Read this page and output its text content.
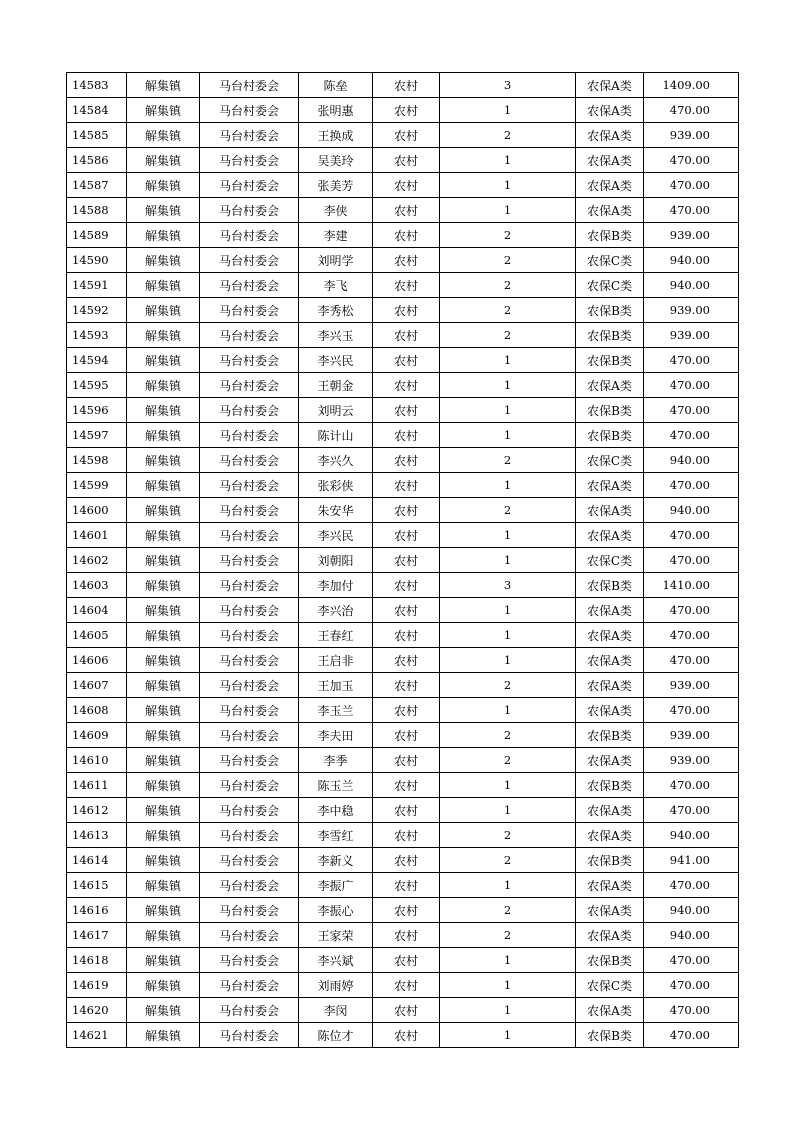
14583	解集镇	马台村委会	陈垒	农村	3	农保A类	1409.00
14584	解集镇	马台村委会	张明惠	农村	1	农保A类	470.00
14585	解集镇	马台村委会	王换成	农村	2	农保A类	939.00
14586	解集镇	马台村委会	吴美玲	农村	1	农保A类	470.00
14587	解集镇	马台村委会	张美芳	农村	1	农保A类	470.00
14588	解集镇	马台村委会	李侠	农村	1	农保A类	470.00
14589	解集镇	马台村委会	李建	农村	2	农保B类	939.00
14590	解集镇	马台村委会	刘明学	农村	2	农保C类	940.00
14591	解集镇	马台村委会	李飞	农村	2	农保C类	940.00
14592	解集镇	马台村委会	李秀松	农村	2	农保B类	939.00
14593	解集镇	马台村委会	李兴玉	农村	2	农保B类	939.00
14594	解集镇	马台村委会	李兴民	农村	1	农保B类	470.00
14595	解集镇	马台村委会	王朝金	农村	1	农保A类	470.00
14596	解集镇	马台村委会	刘明云	农村	1	农保B类	470.00
14597	解集镇	马台村委会	陈计山	农村	1	农保B类	470.00
14598	解集镇	马台村委会	李兴久	农村	2	农保C类	940.00
14599	解集镇	马台村委会	张彩侠	农村	1	农保A类	470.00
14600	解集镇	马台村委会	朱安华	农村	2	农保A类	940.00
14601	解集镇	马台村委会	李兴民	农村	1	农保A类	470.00
14602	解集镇	马台村委会	刘朝阳	农村	1	农保C类	470.00
14603	解集镇	马台村委会	李加付	农村	3	农保B类	1410.00
14604	解集镇	马台村委会	李兴治	农村	1	农保A类	470.00
14605	解集镇	马台村委会	王春红	农村	1	农保A类	470.00
14606	解集镇	马台村委会	王启非	农村	1	农保A类	470.00
14607	解集镇	马台村委会	王加玉	农村	2	农保A类	939.00
14608	解集镇	马台村委会	李玉兰	农村	1	农保A类	470.00
14609	解集镇	马台村委会	李夫田	农村	2	农保B类	939.00
14610	解集镇	马台村委会	李季	农村	2	农保A类	939.00
14611	解集镇	马台村委会	陈玉兰	农村	1	农保B类	470.00
14612	解集镇	马台村委会	李中稳	农村	1	农保A类	470.00
14613	解集镇	马台村委会	李雪红	农村	2	农保A类	940.00
14614	解集镇	马台村委会	李新义	农村	2	农保B类	941.00
14615	解集镇	马台村委会	李振广	农村	1	农保A类	470.00
14616	解集镇	马台村委会	李振心	农村	2	农保A类	940.00
14617	解集镇	马台村委会	王家荣	农村	2	农保A类	940.00
14618	解集镇	马台村委会	李兴斌	农村	1	农保B类	470.00
14619	解集镇	马台村委会	刘雨婷	农村	1	农保C类	470.00
14620	解集镇	马台村委会	李闵	农村	1	农保A类	470.00
14621	解集镇	马台村委会	陈位才	农村	1	农保B类	470.00
